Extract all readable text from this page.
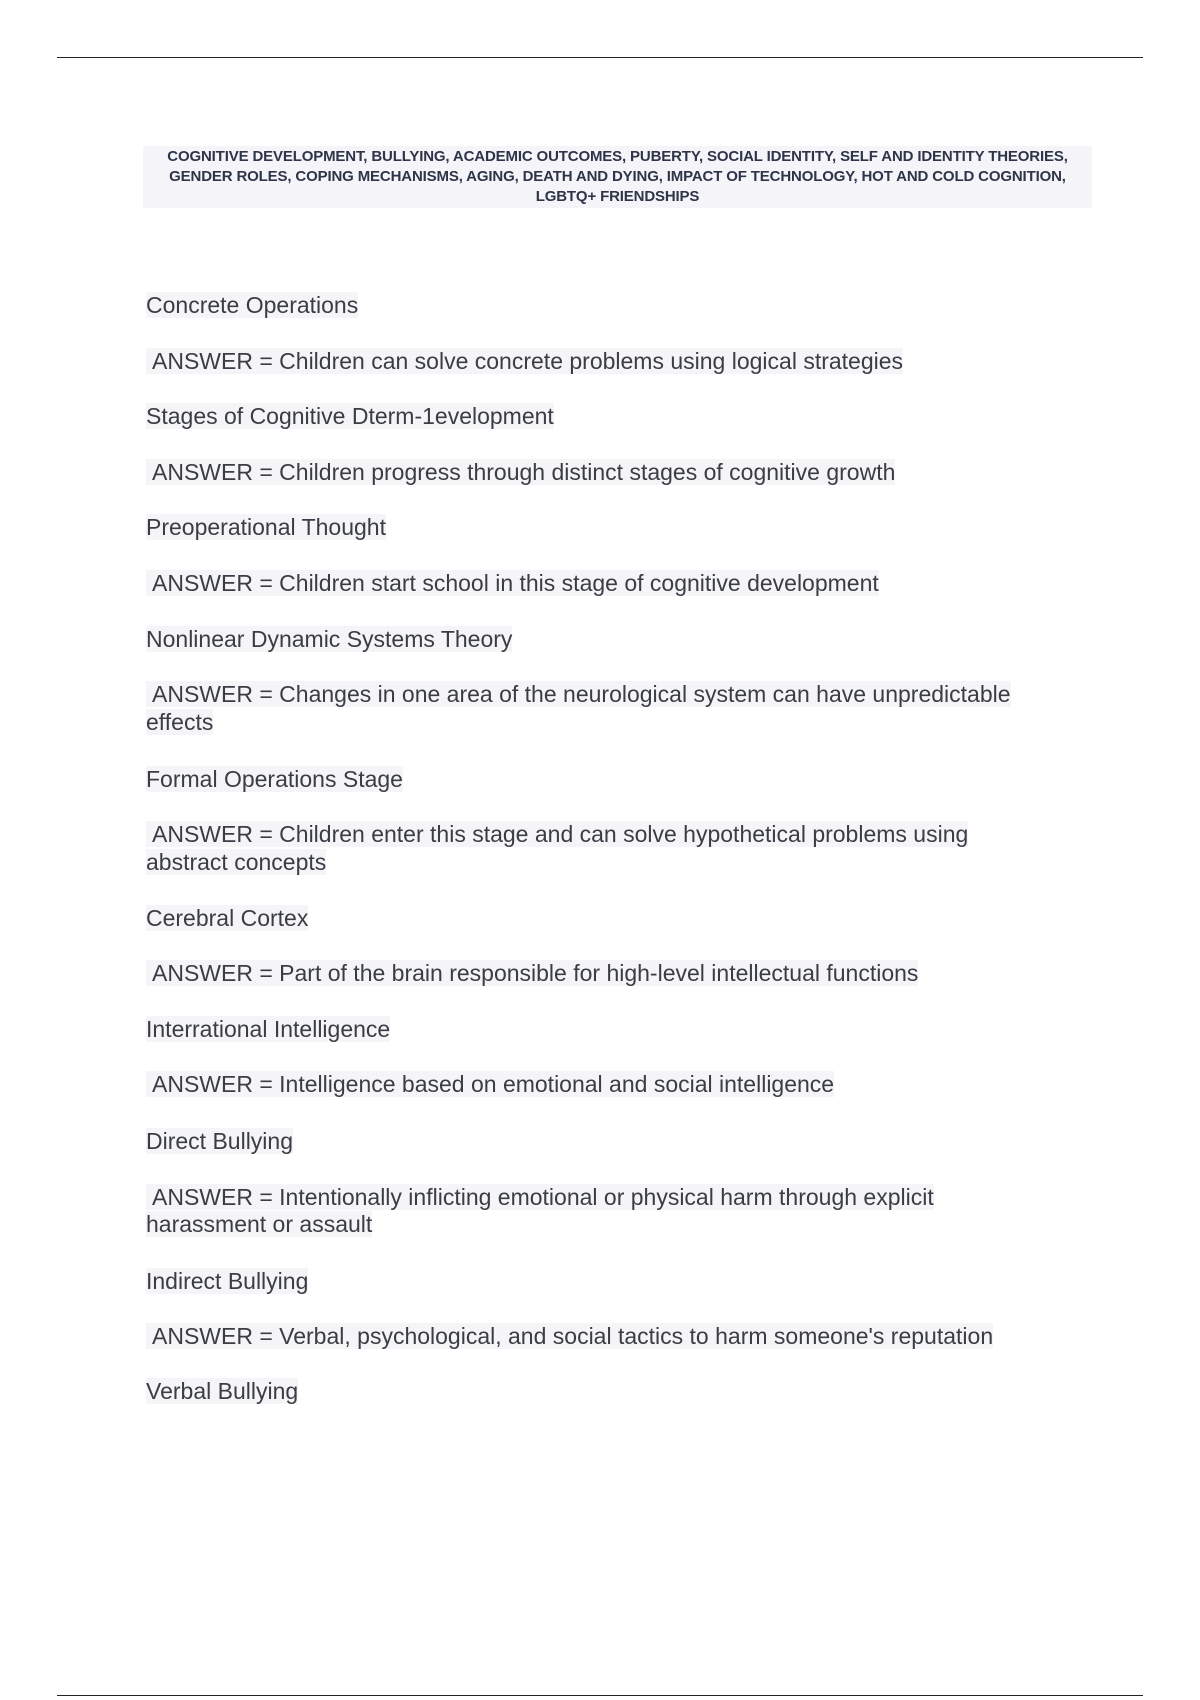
COGNITIVE DEVELOPMENT, BULLYING, ACADEMIC OUTCOMES, PUBERTY, SOCIAL IDENTITY, SELF AND IDENTITY THEORIES, GENDER ROLES, COPING MECHANISMS, AGING, DEATH AND DYING, IMPACT OF TECHNOLOGY, HOT AND COLD COGNITION, LGBTQ+ FRIENDSHIPS

Concrete Operations
ANSWER = Children can solve concrete problems using logical strategies
Stages of Cognitive Dterm-1evelopment
ANSWER = Children progress through distinct stages of cognitive growth
Preoperational Thought
ANSWER = Children start school in this stage of cognitive development
Nonlinear Dynamic Systems Theory
ANSWER = Changes in one area of the neurological system can have unpredictable
effects
Formal Operations Stage
ANSWER = Children enter this stage and can solve hypothetical problems using
abstract concepts
Cerebral Cortex
ANSWER = Part of the brain responsible for high-level intellectual functions
Interrational Intelligence
ANSWER = Intelligence based on emotional and social intelligence
Direct Bullying
ANSWER = Intentionally inflicting emotional or physical harm through explicit
harassment or assault
Indirect Bullying
ANSWER = Verbal, psychological, and social tactics to harm someone's reputation
Verbal Bullying
